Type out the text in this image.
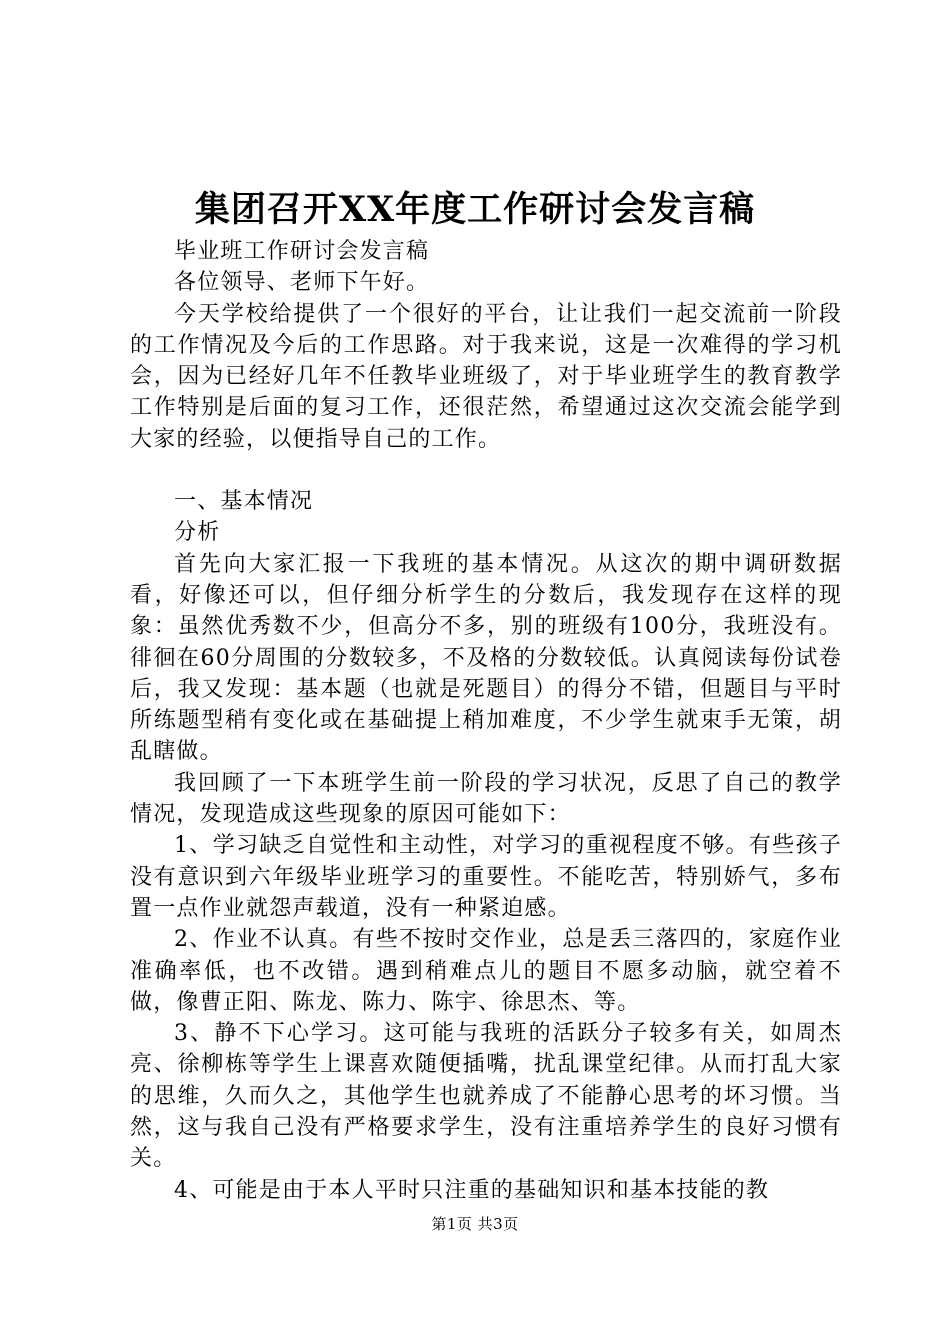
集团召开XX年度工作研讨会发言稿

毕业班工作研讨会发言稿

各位领导、老师下午好。

今天学校给提供了一个很好的平台，让让我们一起交流前一阶段的工作情况及今后的工作思路。对于我来说，这是一次难得的学习机会，因为已经好几年不任教毕业班级了，对于毕业班学生的教育教学工作特别是后面的复习工作，还很茫然，希望通过这次交流会能学到大家的经验，以便指导自己的工作。

一、基本情况

分析

首先向大家汇报一下我班的基本情况。从这次的期中调研数据看，好像还可以，但仔细分析学生的分数后，我发现存在这样的现象：虽然优秀数不少，但高分不多，别的班级有100分，我班没有。徘徊在60分周围的分数较多，不及格的分数较低。认真阅读每份试卷后，我又发现：基本题（也就是死题目）的得分不错，但题目与平时所练题型稍有变化或在基础提上稍加难度，不少学生就束手无策，胡乱瞎做。

我回顾了一下本班学生前一阶段的学习状况，反思了自己的教学情况，发现造成这些现象的原因可能如下：

1、学习缺乏自觉性和主动性，对学习的重视程度不够。有些孩子没有意识到六年级毕业班学习的重要性。不能吃苦，特别娇气，多布置一点作业就怨声载道，没有一种紧迫感。

2、作业不认真。有些不按时交作业，总是丢三落四的，家庭作业准确率低，也不改错。遇到稍难点儿的题目不愿多动脑，就空着不做，像曹正阳、陈龙、陈力、陈宇、徐思杰、等。

3、静不下心学习。这可能与我班的活跃分子较多有关，如周杰亮、徐柳栋等学生上课喜欢随便插嘴，扰乱课堂纪律。从而打乱大家的思维，久而久之，其他学生也就养成了不能静心思考的坏习惯。当然，这与我自己没有严格要求学生，没有注重培养学生的良好习惯有关。

4、可能是由于本人平时只注重的基础知识和基本技能的教

第1页 共3页
